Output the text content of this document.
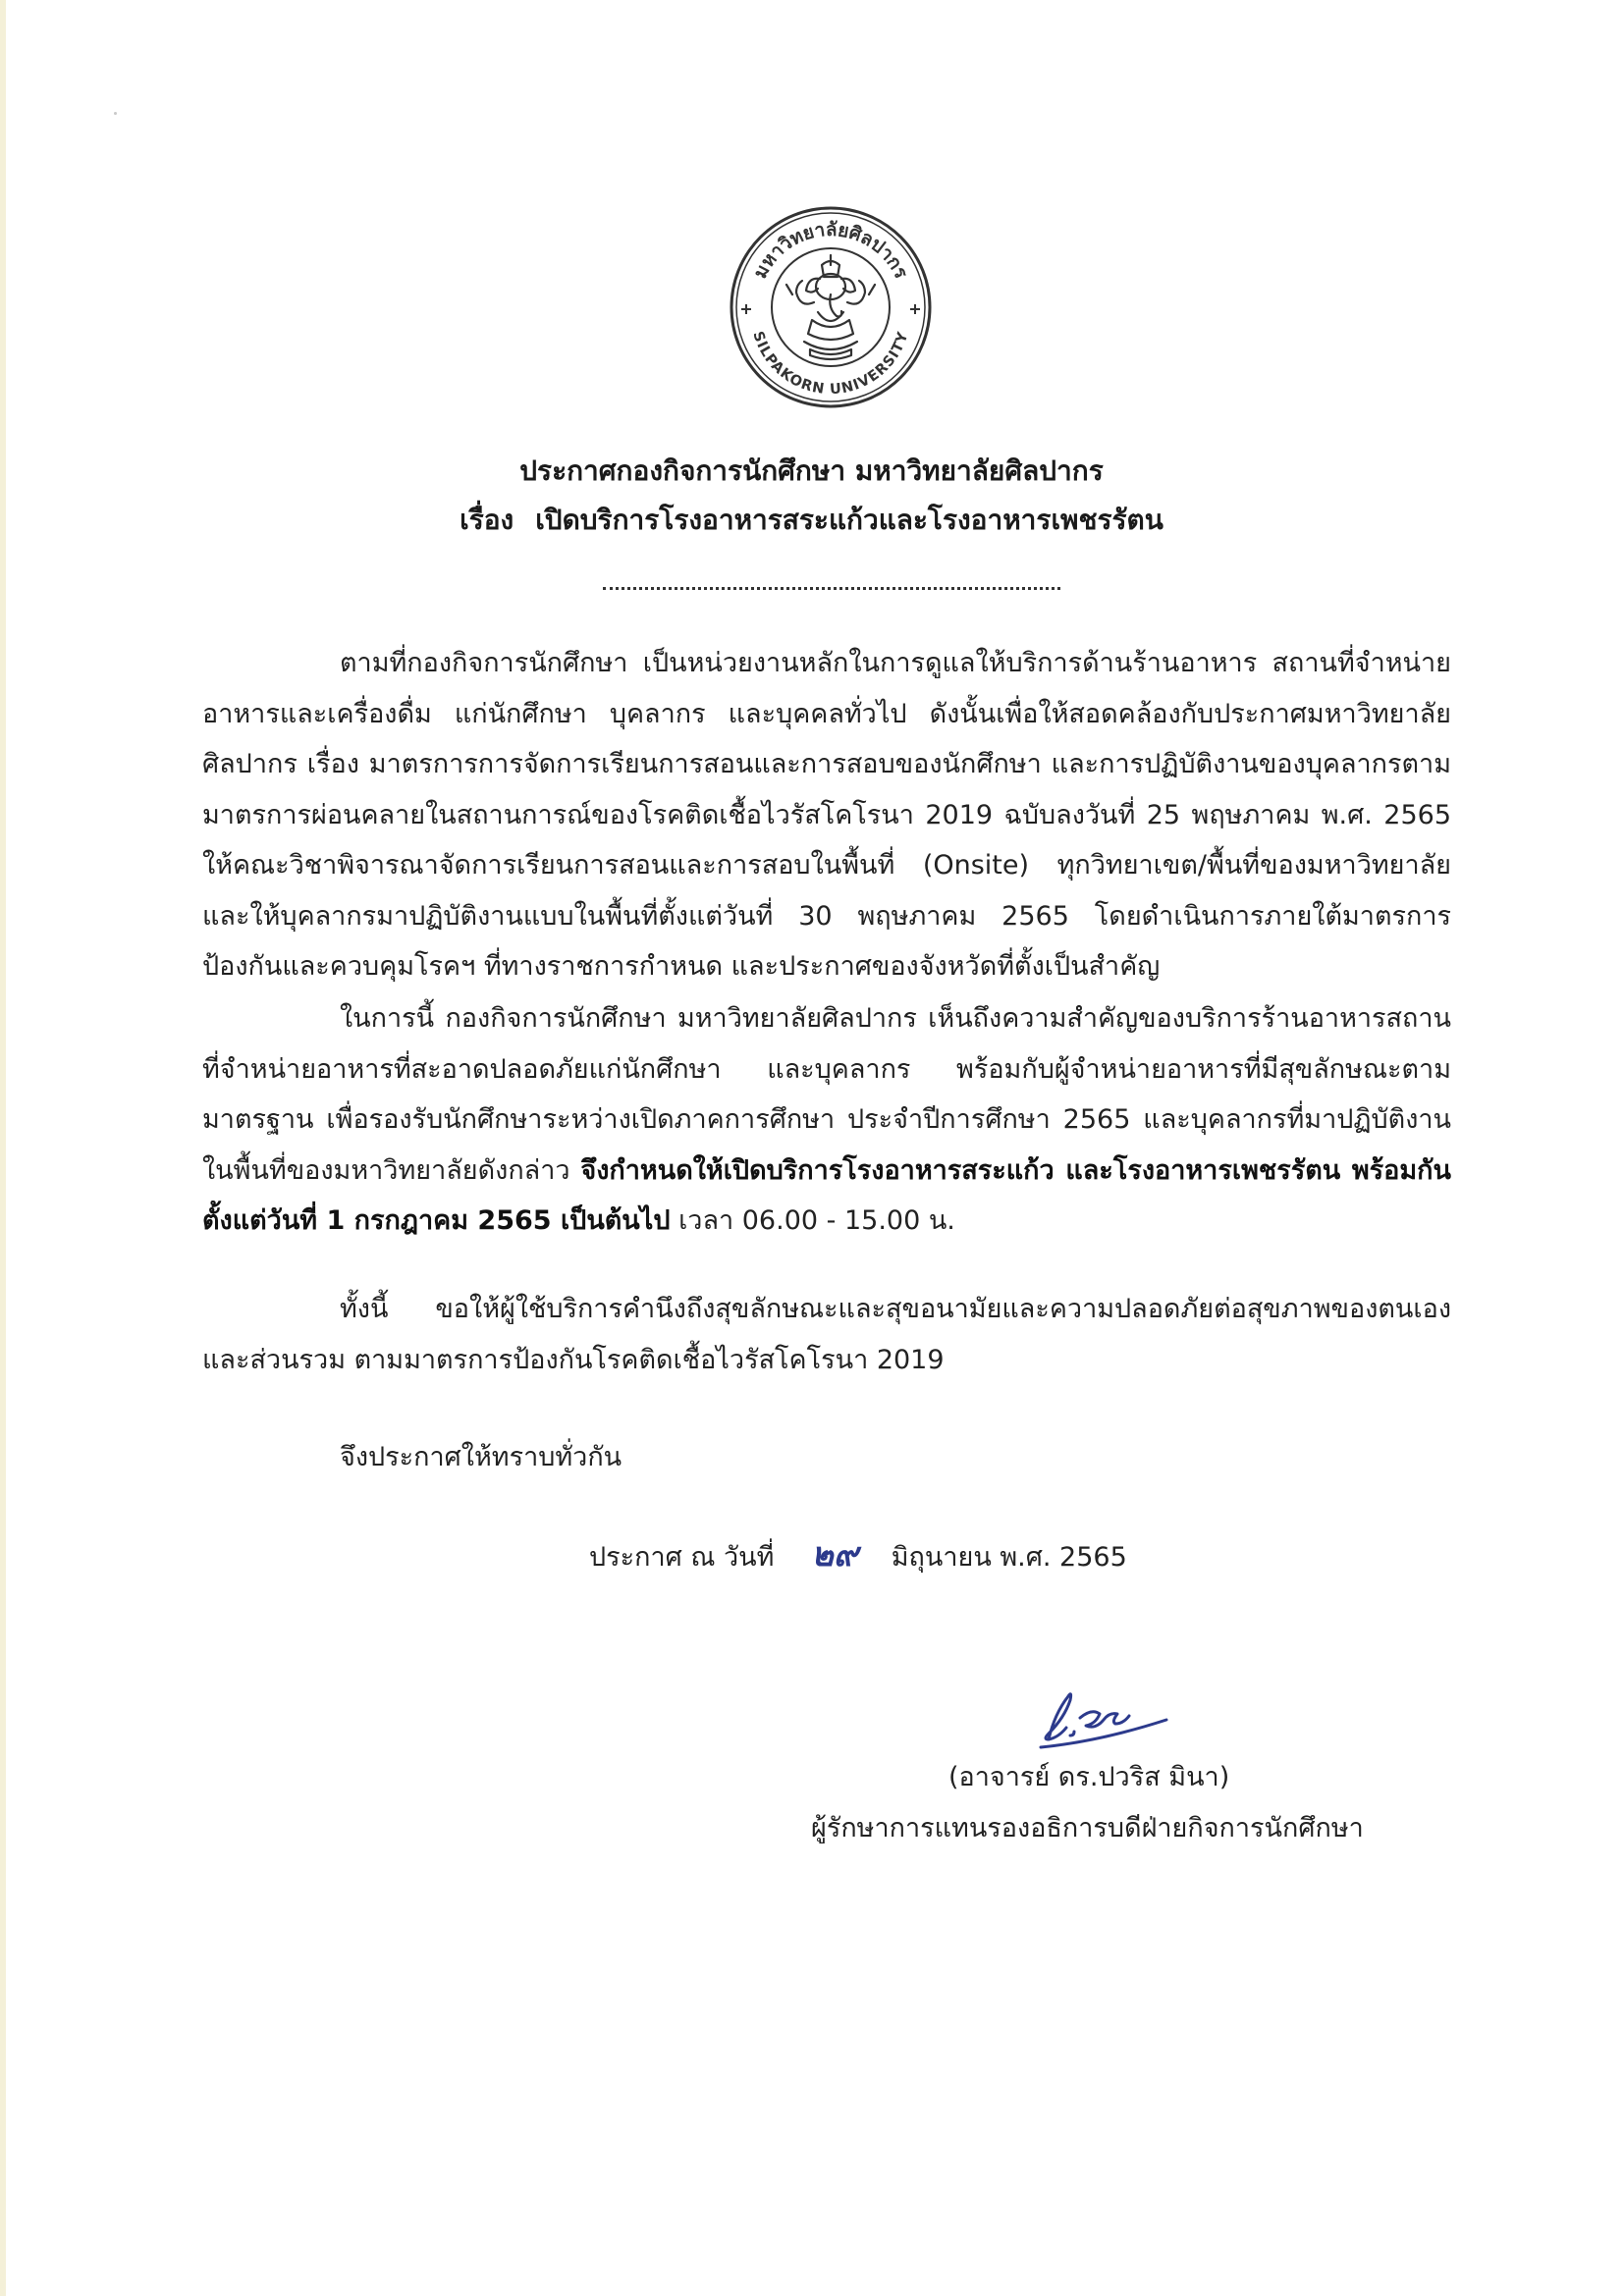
มหาวิทยาลัยศิลปากร
SILPAKORN UNIVERSITY
ประกาศกองกิจการนักศึกษา มหาวิทยาลัยศิลปากร
เรื่อง เปิดบริการโรงอาหารสระแก้วและโรงอาหารเพชรรัตน
ตามที่กองกิจการนักศึกษา เป็นหน่วยงานหลักในการดูแลให้บริการด้านร้านอาหาร สถานที่จำหน่ายอาหารและเครื่องดื่ม แก่นักศึกษา บุคลากร และบุคคลทั่วไป ดังนั้นเพื่อให้สอดคล้องกับประกาศมหาวิทยาลัยศิลปากร เรื่อง มาตรการการจัดการเรียนการสอนและการสอบของนักศึกษา และการปฏิบัติงานของบุคลากรตามมาตรการผ่อนคลายในสถานการณ์ของโรคติดเชื้อไวรัสโคโรนา 2019 ฉบับลงวันที่ 25 พฤษภาคม พ.ศ. 2565 ให้คณะวิชาพิจารณาจัดการเรียนการสอนและการสอบในพื้นที่ (Onsite) ทุกวิทยาเขต/พื้นที่ของมหาวิทยาลัย และให้บุคลากรมาปฏิบัติงานแบบในพื้นที่ตั้งแต่วันที่ 30 พฤษภาคม 2565 โดยดำเนินการภายใต้มาตรการป้องกันและควบคุมโรคฯ ที่ทางราชการกำหนด และประกาศของจังหวัดที่ตั้งเป็นสำคัญ
ในการนี้ กองกิจการนักศึกษา มหาวิทยาลัยศิลปากร เห็นถึงความสำคัญของบริการร้านอาหารสถานที่จำหน่ายอาหารที่สะอาดปลอดภัยแก่นักศึกษา และบุคลากร พร้อมกับผู้จำหน่ายอาหารที่มีสุขลักษณะตามมาตรฐาน เพื่อรองรับนักศึกษาระหว่างเปิดภาคการศึกษา ประจำปีการศึกษา 2565 และบุคลากรที่มาปฏิบัติงานในพื้นที่ของมหาวิทยาลัยดังกล่าว จึงกำหนดให้เปิดบริการโรงอาหารสระแก้ว และโรงอาหารเพชรรัตน พร้อมกันตั้งแต่วันที่ 1 กรกฎาคม 2565 เป็นต้นไป เวลา 06.00 - 15.00 น.
ทั้งนี้ ขอให้ผู้ใช้บริการคำนึงถึงสุขลักษณะและสุขอนามัยและความปลอดภัยต่อสุขภาพของตนเองและส่วนรวม ตามมาตรการป้องกันโรคติดเชื้อไวรัสโคโรนา 2019
จึงประกาศให้ทราบทั่วกัน
ประกาศ ณ วันที่ ๒๙ มิถุนายน พ.ศ. 2565
(อาจารย์ ดร.ปวริส มินา)
ผู้รักษาการแทนรองอธิการบดีฝ่ายกิจการนักศึกษา
